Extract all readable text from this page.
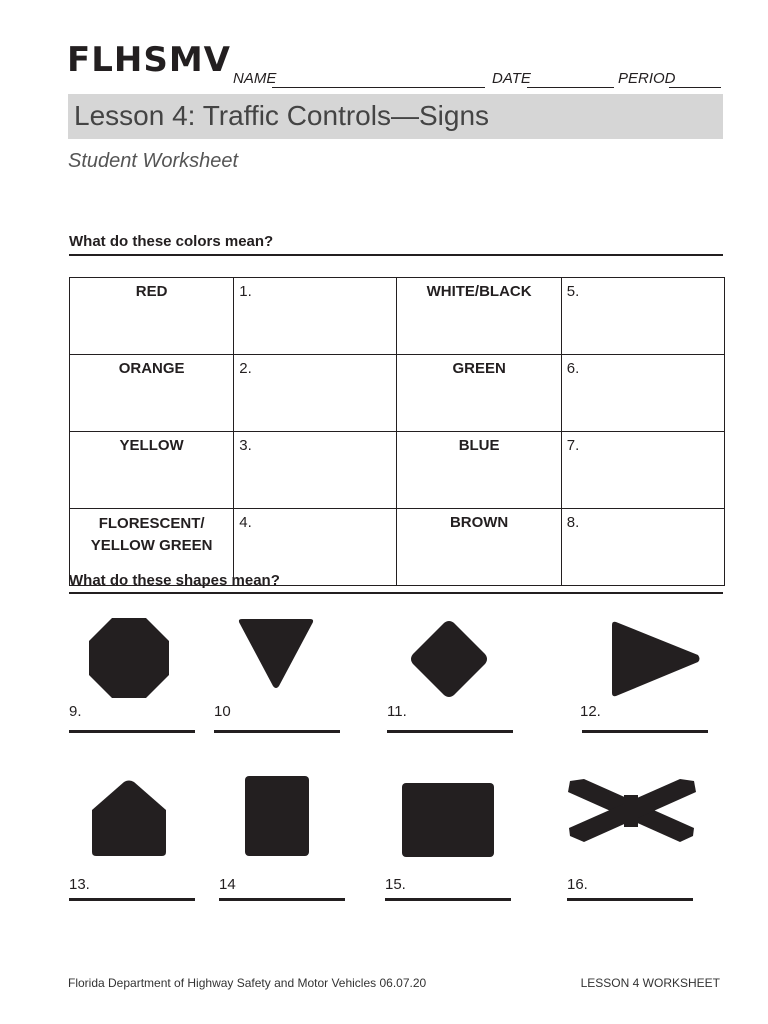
FLHSMV NAME	DATE	PERIOD
Lesson 4: Traffic Controls—Signs
Student Worksheet
What do these colors mean?
RED	1.	WHITE/BLACK	5.
ORANGE	2.	GREEN	6.
YELLOW	3.	BLUE	7.
FLORESCENT/
YELLOW GREEN	4.	BROWN	8.
What do these shapes mean?
9.	10	11.	12.
13.	14	15.	16.
Florida Department of Highway Safety and Motor Vehicles 06.07.20	LESSON 4 WORKSHEET
